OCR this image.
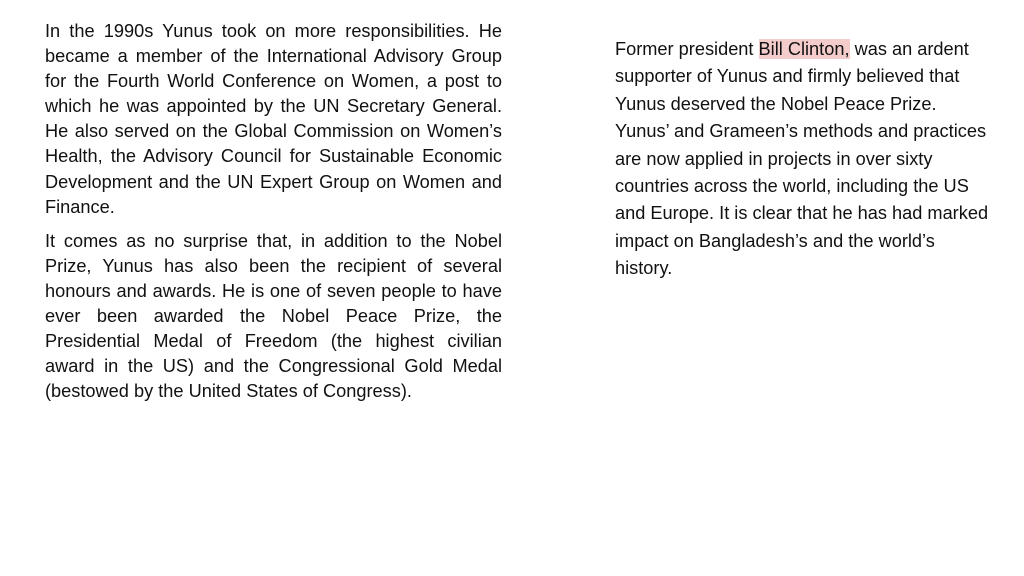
In the 1990s Yunus took on more responsibilities. He became a member of the International Advisory Group for the Fourth World Conference on Women, a post to which he was appointed by the UN Secretary General. He also served on the Global Commission on Women’s Health, the Advisory Council for Sustainable Economic Development and the UN Expert Group on Women and Finance.

It comes as no surprise that, in addition to the Nobel Prize, Yunus has also been the recipient of several honours and awards. He is one of seven people to have ever been awarded the Nobel Peace Prize, the Presidential Medal of Freedom (the highest civilian award in the US) and the Congressional Gold Medal (bestowed by the United States of Congress).

Former president Bill Clinton, was an ardent supporter of Yunus and firmly believed that Yunus deserved the Nobel Peace Prize. Yunus’ and Grameen’s methods and practices are now applied in projects in over sixty countries across the world, including the US and Europe. It is clear that he has had marked impact on Bangladesh’s and the world’s history.
